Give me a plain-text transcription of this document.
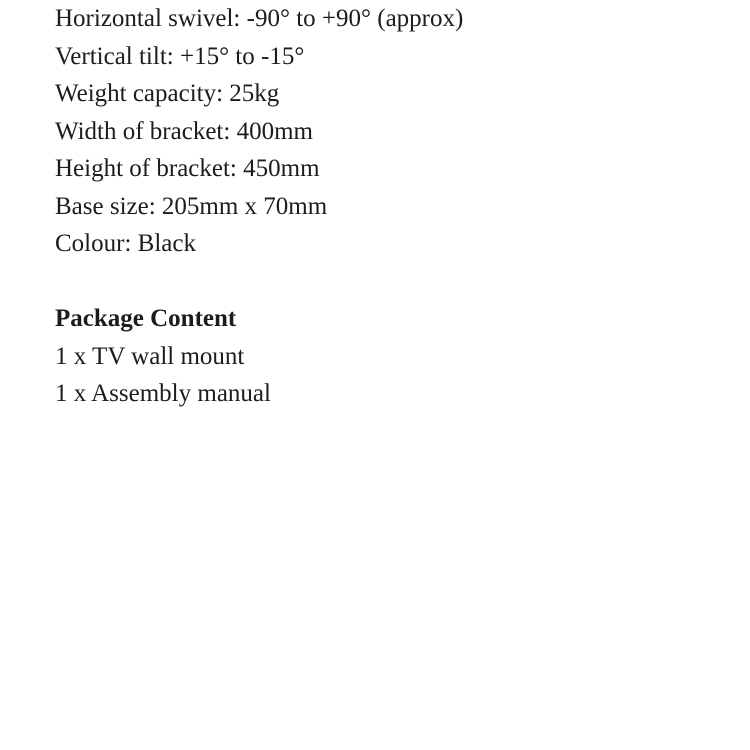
Horizontal swivel: -90° to +90° (approx)
Vertical tilt: +15° to -15°
Weight capacity: 25kg
Width of bracket: 400mm
Height of bracket: 450mm
Base size: 205mm x 70mm
Colour: Black
Package Content
1 x TV wall mount
1 x Assembly manual
